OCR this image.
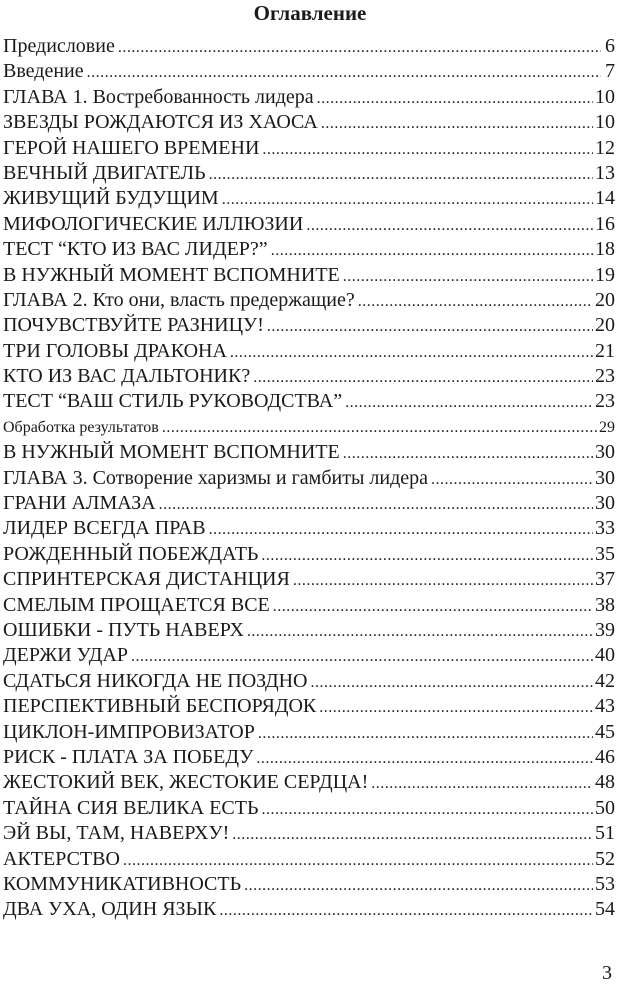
Оглавление
Предисловие .....	6
Введение .....	7
ГЛАВА 1. Востребованность лидера .....	10
ЗВЕЗДЫ РОЖДАЮТСЯ ИЗ ХАОСА .....	10
ГЕРОЙ НАШЕГО ВРЕМЕНИ .....	12
ВЕЧНЫЙ ДВИГАТЕЛЬ .....	13
ЖИВУЩИЙ БУДУЩИМ .....	14
МИФОЛОГИЧЕСКИЕ ИЛЛЮЗИИ .....	16
ТЕСТ “КТО ИЗ ВАС ЛИДЕР?” .....	18
В НУЖНЫЙ МОМЕНТ ВСПОМНИТЕ .....	19
ГЛАВА 2. Кто они, власть предержащие? .....	20
ПОЧУВСТВУЙТЕ РАЗНИЦУ! .....	20
ТРИ ГОЛОВЫ ДРАКОНА .....	21
КТО ИЗ ВАС ДАЛЬТОНИК? .....	23
ТЕСТ “ВАШ СТИЛЬ РУКОВОДСТВА” .....	23
Обработка результатов .....	29
В НУЖНЫЙ МОМЕНТ ВСПОМНИТЕ .....	30
ГЛАВА 3. Сотворение харизмы и гамбиты лидера .....	30
ГРАНИ АЛМАЗА .....	30
ЛИДЕР ВСЕГДА ПРАВ .....	33
РОЖДЕННЫЙ ПОБЕЖДАТЬ .....	35
СПРИНТЕРСКАЯ ДИСТАНЦИЯ .....	37
СМЕЛЫМ ПРОЩАЕТСЯ ВСЕ .....	38
ОШИБКИ - ПУТЬ НАВЕРХ .....	39
ДЕРЖИ УДАР .....	40
СДАТЬСЯ НИКОГДА НЕ ПОЗДНО .....	42
ПЕРСПЕКТИВНЫЙ БЕСПОРЯДОК .....	43
ЦИКЛОН-ИМПРОВИЗАТОР .....	45
РИСК - ПЛАТА ЗА ПОБЕДУ .....	46
ЖЕСТОКИЙ ВЕК, ЖЕСТОКИЕ СЕРДЦА! .....	48
ТАЙНА СИЯ ВЕЛИКА ЕСТЬ .....	50
ЭЙ ВЫ, ТАМ, НАВЕРХУ! .....	51
АКТЕРСТВО .....	52
КОММУНИКАТИВНОСТЬ .....	53
ДВА УХА, ОДИН ЯЗЫК .....	54
3
